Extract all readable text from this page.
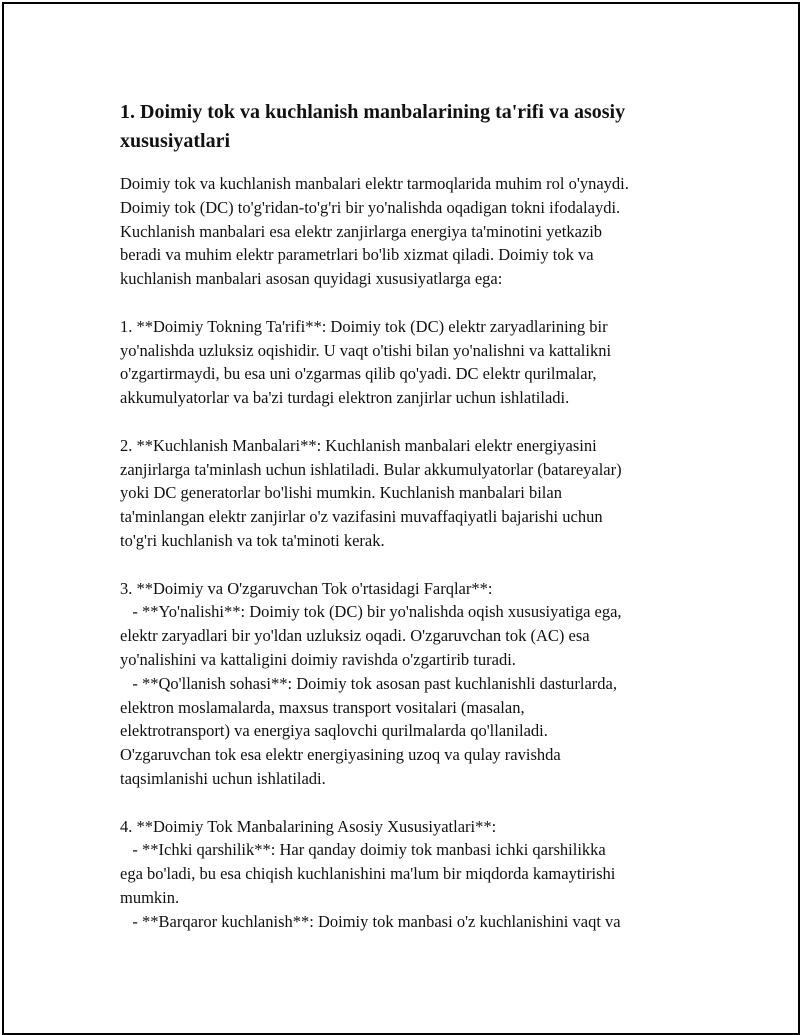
1. Doimiy tok va kuchlanish manbalarining ta'rifi va asosiy xususiyatlari

Doimiy tok va kuchlanish manbalari elektr tarmoqlarida muhim rol o'ynaydi.
Doimiy tok (DC) to'g'ridan-to'g'ri bir yo'nalishda oqadigan tokni ifodalaydi.
Kuchlanish manbalari esa elektr zanjirlarga energiya ta'minotini yetkazib
beradi va muhim elektr parametrlari bo'lib xizmat qiladi. Doimiy tok va
kuchlanish manbalari asosan quyidagi xususiyatlarga ega:

1. **Doimiy Tokning Ta'rifi**: Doimiy tok (DC) elektr zaryadlarining bir
yo'nalishda uzluksiz oqishidir. U vaqt o'tishi bilan yo'nalishni va kattalikni
o'zgartirmaydi, bu esa uni o'zgarmas qilib qo'yadi. DC elektr qurilmalar,
akkumulyatorlar va ba'zi turdagi elektron zanjirlar uchun ishlatiladi.

2. **Kuchlanish Manbalari**: Kuchlanish manbalari elektr energiyasini
zanjirlarga ta'minlash uchun ishlatiladi. Bular akkumulyatorlar (batareyalar)
yoki DC generatorlar bo'lishi mumkin. Kuchlanish manbalari bilan
ta'minlangan elektr zanjirlar o'z vazifasini muvaffaqiyatli bajarishi uchun
to'g'ri kuchlanish va tok ta'minoti kerak.

3. **Doimiy va O'zgaruvchan Tok o'rtasidagi Farqlar**:
- **Yo'nalishi**: Doimiy tok (DC) bir yo'nalishda oqish xususiyatiga ega,
elektr zaryadlari bir yo'ldan uzluksiz oqadi. O'zgaruvchan tok (AC) esa
yo'nalishini va kattaligini doimiy ravishda o'zgartirib turadi.
- **Qo'llanish sohasi**: Doimiy tok asosan past kuchlanishli dasturlarda,
elektron moslamalarda, maxsus transport vositalari (masalan,
elektrotransport) va energiya saqlovchi qurilmalarda qo'llaniladi.
O'zgaruvchan tok esa elektr energiyasining uzoq va qulay ravishda
taqsimlanishi uchun ishlatiladi.

4. **Doimiy Tok Manbalarining Asosiy Xususiyatlari**:
- **Ichki qarshilik**: Har qanday doimiy tok manbasi ichki qarshilikka
ega bo'ladi, bu esa chiqish kuchlanishini ma'lum bir miqdorda kamaytirishi
mumkin.
- **Barqaror kuchlanish**: Doimiy tok manbasi o'z kuchlanishini vaqt va
